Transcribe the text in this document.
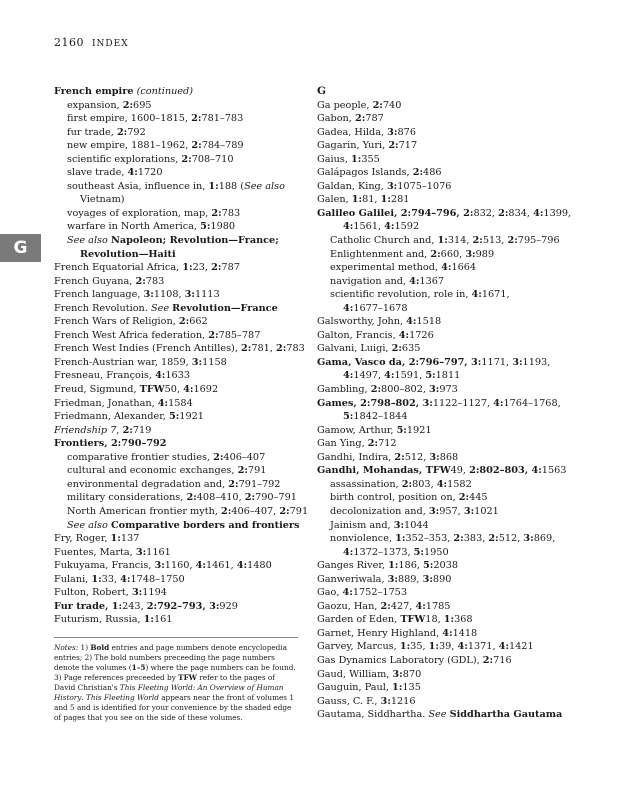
2160 INDEX
G
French empire (continued)
expansion, 2:695
first empire, 1600–1815, 2:781–783
fur trade, 2:792
new empire, 1881–1962, 2:784–789
scientific explorations, 2:708–710
slave trade, 4:1720
southeast Asia, influence in, 1:188 (See also
Vietnam)
voyages of exploration, map, 2:783
warfare in North America, 5:1980
See also Napoleon; Revolution—France;
Revolution—Haiti
French Equatorial Africa, 1:23, 2:787
French Guyana, 2:783
French language, 3:1108, 3:1113
French Revolution. See Revolution—France
French Wars of Religion, 2:662
French West Africa federation, 2:785–787
French West Indies (French Antilles), 2:781, 2:783
French-Austrian war, 1859, 3:1158
Fresneau, François, 4:1633
Freud, Sigmund, TFW50, 4:1692
Friedman, Jonathan, 4:1584
Friedmann, Alexander, 5:1921
Friendship 7, 2:719
Frontiers, 2:790–792
comparative frontier studies, 2:406–407
cultural and economic exchanges, 2:791
environmental degradation and, 2:791–792
military considerations, 2:408–410, 2:790–791
North American frontier myth, 2:406–407, 2:791
See also Comparative borders and frontiers
Fry, Roger, 1:137
Fuentes, Marta, 3:1161
Fukuyama, Francis, 3:1160, 4:1461, 4:1480
Fulani, 1:33, 4:1748–1750
Fulton, Robert, 3:1194
Fur trade, 1:243, 2:792–793, 3:929
Futurism, Russia, 1:161
G
Ga people, 2:740
Gabon, 2:787
Gadea, Hilda, 3:876
Gagarin, Yuri, 2:717
Gaius, 1:355
Galápagos Islands, 2:486
Galdan, King, 3:1075–1076
Galen, 1:81, 1:281
Galileo Galilei, 2:794–796, 2:832, 2:834, 4:1399,
4:1561, 4:1592
Catholic Church and, 1:314, 2:513, 2:795–796
Enlightenment and, 2:660, 3:989
experimental method, 4:1664
navigation and, 4:1367
scientific revolution, role in, 4:1671,
4:1677–1678
Galsworthy, John, 4:1518
Galton, Francis, 4:1726
Galvani, Luigi, 2:635
Gama, Vasco da, 2:796–797, 3:1171, 3:1193,
4:1497, 4:1591, 5:1811
Gambling, 2:800–802, 3:973
Games, 2:798–802, 3:1122–1127, 4:1764–1768,
5:1842–1844
Gamow, Arthur, 5:1921
Gan Ying, 2:712
Gandhi, Indira, 2:512, 3:868
Gandhi, Mohandas, TFW49, 2:802–803, 4:1563
assassination, 2:803, 4:1582
birth control, position on, 2:445
decolonization and, 3:957, 3:1021
Jainism and, 3:1044
nonviolence, 1:352–353, 2:383, 2:512, 3:869,
4:1372–1373, 5:1950
Ganges River, 1:186, 5:2038
Ganweriwala, 3:889, 3:890
Gao, 4:1752–1753
Gaozu, Han, 2:427, 4:1785
Garden of Eden, TFW18, 1:368
Garnet, Henry Highland, 4:1418
Garvey, Marcus, 1:35, 1:39, 4:1371, 4:1421
Gas Dynamics Laboratory (GDL), 2:716
Gaud, William, 3:870
Gauguin, Paul, 1:135
Gauss, C. F., 3:1216
Gautama, Siddhartha. See Siddhartha Gautama
Notes: 1) Bold entries and page numbers denote encyclopedia entries; 2) The bold numbers preceeding the page numbers denote the volumes (1–5) where the page numbers can be found. 3) Page references preceeded by TFW refer to the pages of David Christian's This Fleeting World: An Overview of Human History. This Fleeting World appears near the front of volumes 1 and 5 and is identified for your convenience by the shaded edge of pages that you see on the side of these volumes.
